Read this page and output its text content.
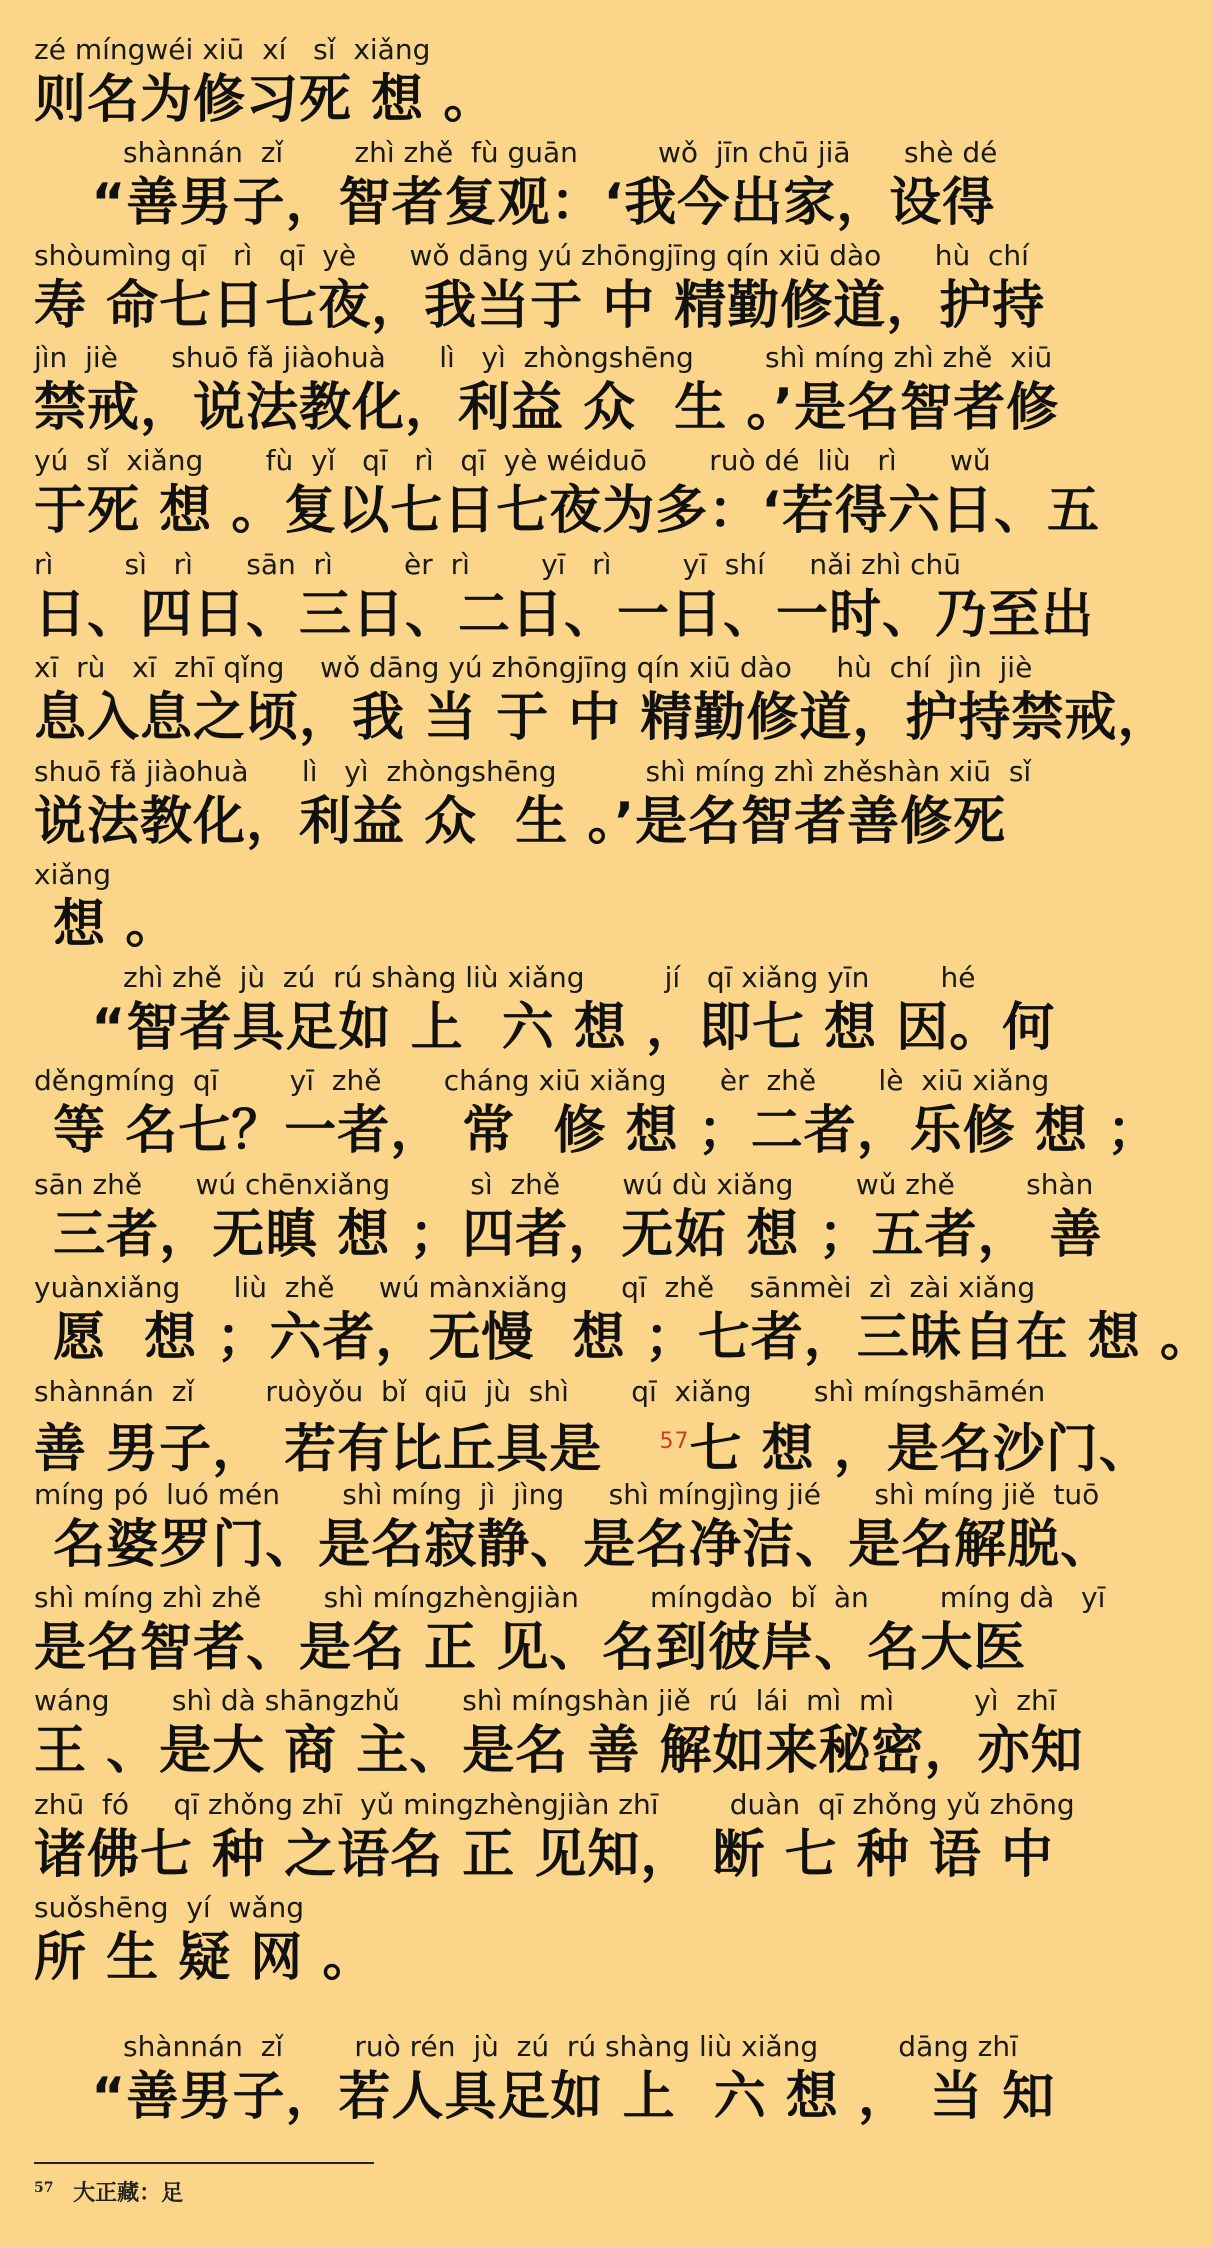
zé míngwéi xiū  xí   sǐ  xiǎng
则名为修习死 想 。
shànnán  zǐ        zhì zhě  fù guān         wǒ  jīn chū jiā      shè dé
“善男子，智者复观：‘我今出家，设得
shòumìng qī   rì   qī  yè      wǒ dāng yú zhōngjīng qín xiū dào      hù  chí
寿 命七日七夜，我当于 中 精勤修道，护持
jìn  jiè      shuō fǎ jiàohuà      lì   yì  zhòngshēng        shì míng zhì zhě  xiū
禁戒，说法教化，利益 众  生 。’是名智者修
yú  sǐ  xiǎng       fù  yǐ   qī   rì   qī  yè wéiduō       ruò dé  liù   rì      wǔ
于死 想 。复以七日七夜为多：‘若得六日、五
rì        sì   rì      sān  rì        èr  rì        yī   rì        yī  shí     nǎi zhì chū
日、四日、三日、二日、一日、一时、乃至出
xī  rù   xī  zhī qǐng    wǒ dāng yú zhōngjīng qín xiū dào     hù  chí  jìn  jiè
息入息之顷，我 当 于 中 精勤修道，护持禁戒，
shuō fǎ jiàohuà      lì   yì  zhòngshēng          shì míng zhì zhěshàn xiū  sǐ
说法教化，利益 众  生 。’是名智者善修死
xiǎng
想 。
zhì zhě  jù  zú  rú shàng liù xiǎng         jí   qī xiǎng yīn        hé
“智者具足如 上  六 想 ，即七 想 因。何
děngmíng  qī        yī  zhě       cháng xiū xiǎng      èr  zhě       lè  xiū xiǎng
等 名七？一者， 常  修 想 ；二者，乐修 想 ；
sān zhě      wú chēnxiǎng         sì  zhě       wú dù xiǎng       wǔ zhě        shàn
三者，无瞋 想 ；四者，无妬 想 ；五者， 善
yuànxiǎng      liù  zhě     wú mànxiǎng      qī  zhě    sānmèi  zì  zài xiǎng
愿  想 ；六者，无慢  想 ；七者，三昧自在 想 。
shànnán  zǐ        ruòyǒu  bǐ  qiū  jù  shì       qī  xiǎng       shì míngshāmén
善 男子， 若有比丘具是   $^{57}$七 想 ，是名沙门、
míng pó  luó mén       shì míng  jì  jìng     shì míngjìng jié      shì míng jiě  tuō
名婆罗门、是名寂静、是名净洁、是名解脱、
shì míng zhì zhě       shì míngzhèngjiàn        míngdào  bǐ  àn        míng dà   yī
是名智者、是名 正 见、名到彼岸、名大医
wáng       shì dà shāngzhǔ       shì míngshàn jiě  rú  lái  mì  mì         yì  zhī
王 、是大 商 主、是名 善 解如来秘密，亦知
zhū  fó     qī zhǒng zhī  yǔ mingzhèngjiàn zhī        duàn  qī zhǒng yǔ zhōng
诸佛七 种 之语名 正 见知， 断 七 种 语 中
suǒshēng  yí  wǎng
所 生 疑 网 。
shànnán  zǐ        ruò rén  jù  zú  rú shàng liù xiǎng         dāng zhī
“善男子，若人具足如 上  六 想 ， 当 知
$^{57}$ 大正藏：足
